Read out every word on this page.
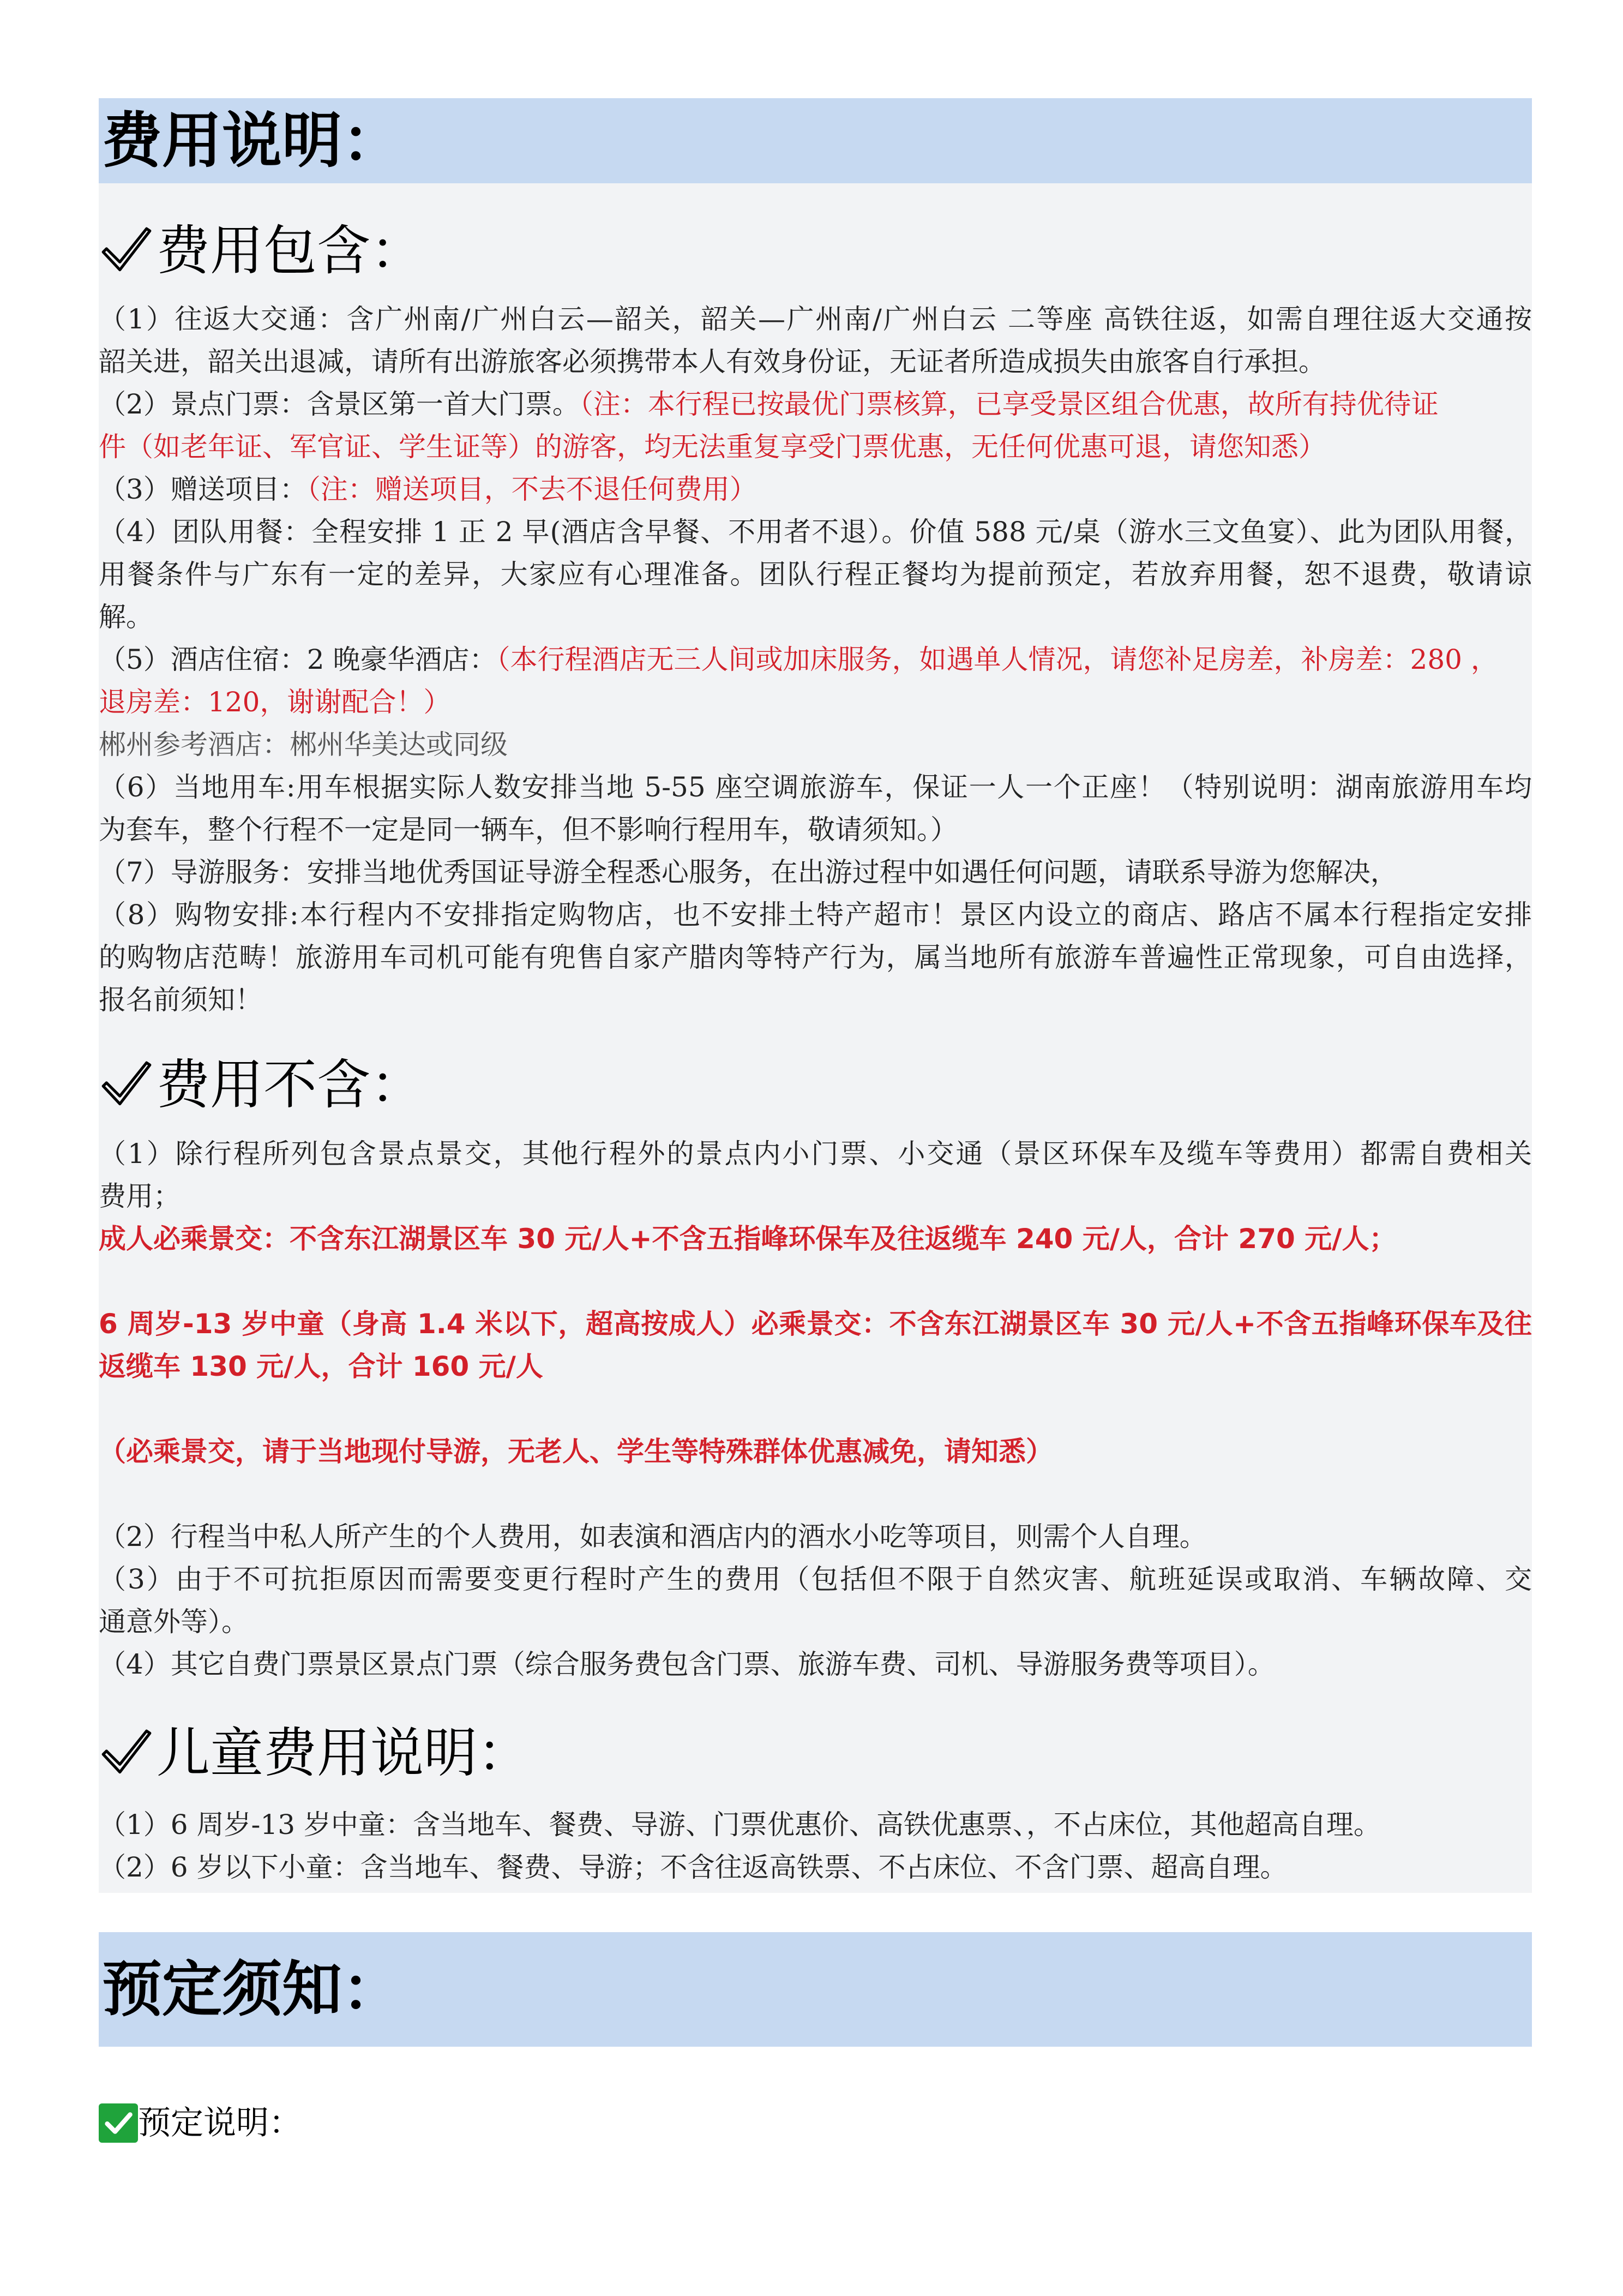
费用说明：
费用包含：
（1）往返大交通：含广州南/广州白云—韶关，韶关—广州南/广州白云 二等座 高铁往返，如需自理往返大交通按
韶关进，韶关出退减，请所有出游旅客必须携带本人有效身份证，无证者所造成损失由旅客自行承担。
（2）景点门票：含景区第一首大门票。（注：本行程已按最优门票核算，已享受景区组合优惠，故所有持优待证
件（如老年证、军官证、学生证等）的游客，均无法重复享受门票优惠，无任何优惠可退，请您知悉）
（3）赠送项目：（注：赠送项目，不去不退任何费用）
（4）团队用餐：全程安排 1 正 2 早(酒店含早餐、不用者不退）。价值 588 元/桌（游水三文鱼宴）、此为团队用餐，
用餐条件与广东有一定的差异，大家应有心理准备。团队行程正餐均为提前预定，若放弃用餐，恕不退费，敬请谅
解。
（5）酒店住宿：2 晚豪华酒店：（本行程酒店无三人间或加床服务，如遇单人情况，请您补足房差，补房差：280 ，
退房差：120，谢谢配合！）
郴州参考酒店：郴州华美达或同级
（6）当地用车:用车根据实际人数安排当地 5-55 座空调旅游车，保证一人一个正座！（特别说明：湖南旅游用车均
为套车，整个行程不一定是同一辆车，但不影响行程用车，敬请须知。）
（7）导游服务：安排当地优秀国证导游全程悉心服务，在出游过程中如遇任何问题，请联系导游为您解决，
（8）购物安排:本行程内不安排指定购物店，也不安排土特产超市！景区内设立的商店、路店不属本行程指定安排
的购物店范畴！旅游用车司机可能有兜售自家产腊肉等特产行为，属当地所有旅游车普遍性正常现象，可自由选择，
报名前须知！
费用不含：
（1）除行程所列包含景点景交，其他行程外的景点内小门票、小交通（景区环保车及缆车等费用）都需自费相关
费用；
成人必乘景交：不含东江湖景区车 30 元/人+不含五指峰环保车及往返缆车 240 元/人，合计 270 元/人；
6 周岁-13 岁中童（身高 1.4 米以下，超高按成人）必乘景交：不含东江湖景区车 30 元/人+不含五指峰环保车及往
返缆车 130 元/人，合计 160 元/人
（必乘景交，请于当地现付导游，无老人、学生等特殊群体优惠减免，请知悉）
（2）行程当中私人所产生的个人费用，如表演和酒店内的酒水小吃等项目，则需个人自理。
（3）由于不可抗拒原因而需要变更行程时产生的费用（包括但不限于自然灾害、航班延误或取消、车辆故障、交
通意外等）。
（4）其它自费门票景区景点门票（综合服务费包含门票、旅游车费、司机、导游服务费等项目）。
儿童费用说明：
（1）6 周岁-13 岁中童：含当地车、餐费、导游、门票优惠价、高铁优惠票、，不占床位，其他超高自理。
（2）6 岁以下小童：含当地车、餐费、导游；不含往返高铁票、不占床位、不含门票、超高自理。
预定须知：
预定说明：
